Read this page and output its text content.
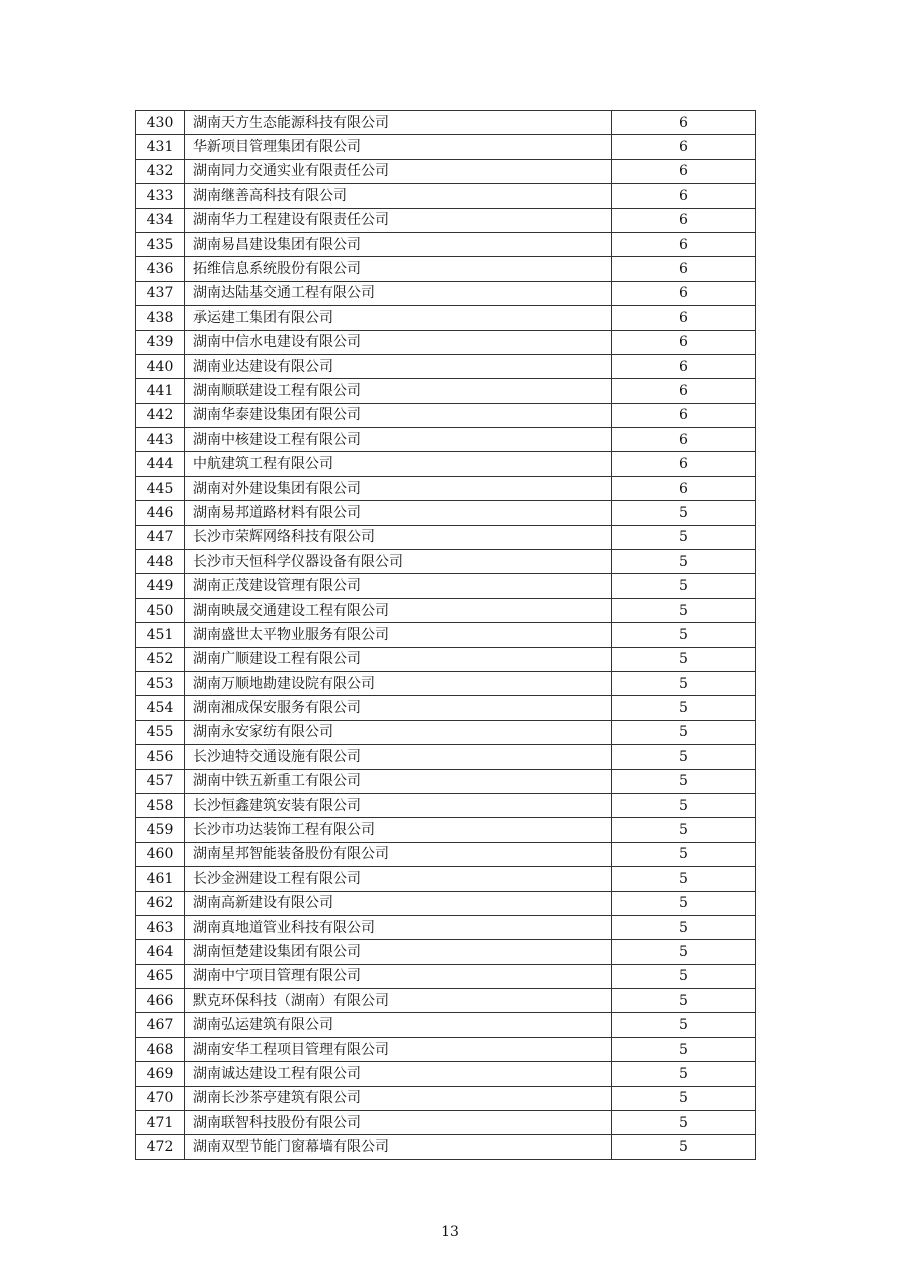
430	湖南天方生态能源科技有限公司	6
431	华新项目管理集团有限公司	6
432	湖南同力交通实业有限责任公司	6
433	湖南继善高科技有限公司	6
434	湖南华力工程建设有限责任公司	6
435	湖南易昌建设集团有限公司	6
436	拓维信息系统股份有限公司	6
437	湖南达陆基交通工程有限公司	6
438	承运建工集团有限公司	6
439	湖南中信水电建设有限公司	6
440	湖南业达建设有限公司	6
441	湖南顺联建设工程有限公司	6
442	湖南华泰建设集团有限公司	6
443	湖南中核建设工程有限公司	6
444	中航建筑工程有限公司	6
445	湖南对外建设集团有限公司	6
446	湖南易邦道路材料有限公司	5
447	长沙市荣辉网络科技有限公司	5
448	长沙市天恒科学仪器设备有限公司	5
449	湖南正茂建设管理有限公司	5
450	湖南映晟交通建设工程有限公司	5
451	湖南盛世太平物业服务有限公司	5
452	湖南广顺建设工程有限公司	5
453	湖南万顺地勘建设院有限公司	5
454	湖南湘成保安服务有限公司	5
455	湖南永安家纺有限公司	5
456	长沙迪特交通设施有限公司	5
457	湖南中铁五新重工有限公司	5
458	长沙恒鑫建筑安装有限公司	5
459	长沙市功达装饰工程有限公司	5
460	湖南星邦智能装备股份有限公司	5
461	长沙金洲建设工程有限公司	5
462	湖南高新建设有限公司	5
463	湖南真地道管业科技有限公司	5
464	湖南恒楚建设集团有限公司	5
465	湖南中宁项目管理有限公司	5
466	默克环保科技（湖南）有限公司	5
467	湖南弘运建筑有限公司	5
468	湖南安华工程项目管理有限公司	5
469	湖南诚达建设工程有限公司	5
470	湖南长沙茶亭建筑有限公司	5
471	湖南联智科技股份有限公司	5
472	湖南双型节能门窗幕墙有限公司	5
13
